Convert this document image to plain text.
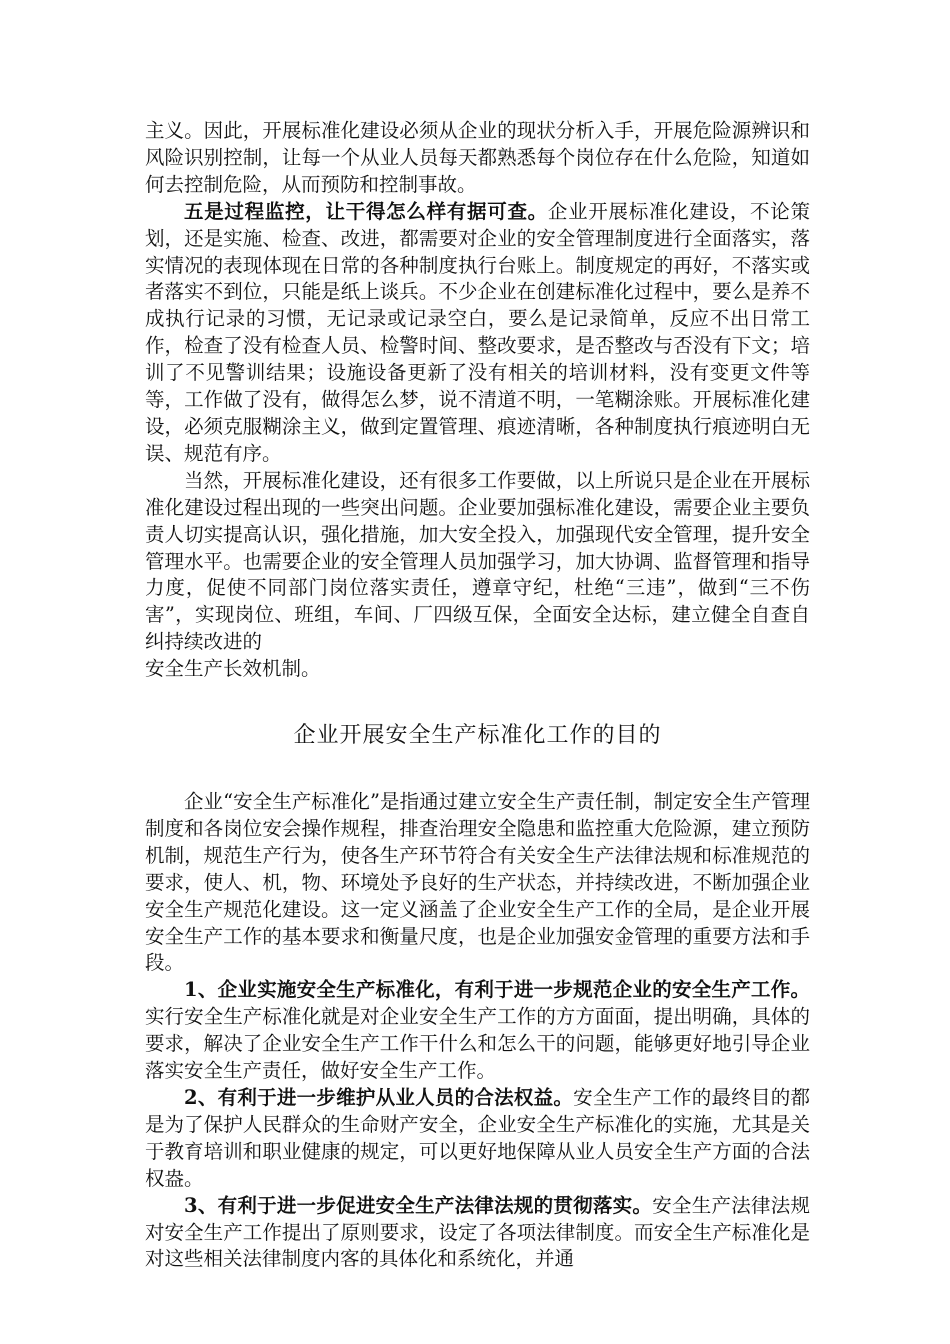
主义。因此，开展标准化建设必须从企业的现状分析入手，开展危险源辨识和风险识别控制，让每一个从业人员每天都熟悉每个岗位存在什么危险，知道如何去控制危险，从而预防和控制事故。

五是过程监控，让干得怎么样有据可查。企业开展标准化建设，不论策划，还是实施、检查、改进，都需要对企业的安全管理制度进行全面落实，落实情况的表现体现在日常的各种制度执行台账上。制度规定的再好，不落实或者落实不到位，只能是纸上谈兵。不少企业在创建标准化过程中，要么是养不成执行记录的习惯，无记录或记录空白，要么是记录简单，反应不出日常工作，检查了没有检查人员、检警时间、整改要求，是否整改与否没有下文；培训了不见警训结果；设施设备更新了没有相关的培训材料，没有变更文件等等，工作做了没有，做得怎么梦，说不清道不明，一笔糊涂账。开展标准化建设，必须克服糊涂主义，做到定置管理、痕迹清晰，各种制度执行痕迹明白无误、规范有序。

当然，开展标准化建设，还有很多工作要做，以上所说只是企业在开展标准化建设过程出现的一些突出问题。企业要加强标准化建设，需要企业主要负责人切实提高认识，强化措施，加大安全投入，加强现代安全管理，提升安全管理水平。也需要企业的安全管理人员加强学习，加大协调、监督管理和指导力度，促使不同部门岗位落实责任，遵章守纪，杜绝“三违”，做到“三不伤害”，实现岗位、班组，车间、厂四级互保，全面安全达标，建立健全自查自纠持续改进的
安全生产长效机制。

企业开展安全生产标准化工作的目的

企业“安全生产标准化”是指通过建立安全生产责任制，制定安全生产管理制度和各岗位安会操作规程，排查治理安全隐患和监控重大危险源，建立预防机制，规范生产行为，使各生产环节符合有关安全生产法律法规和标准规范的要求，使人、机，物、环境处予良好的生产状态，并持续改进，不断加强企业安全生产规范化建设。这一定义涵盖了企业安全生产工作的全局，是企业开展安全生产工作的基本要求和衡量尺度，也是企业加强安金管理的重要方法和手段。

1、企业实施安全生产标准化，有利于进一步规范企业的安全生产工作。实行安全生产标准化就是对企业安全生产工作的方方面面，提出明确，具体的要求，解决了企业安全生产工作干什么和怎么干的问题，能够更好地引导企业落实安全生产责任，做好安全生产工作。

2、有利于进一步维护从业人员的合法权益。安全生产工作的最终目的都是为了保护人民群众的生命财产安全，企业安全生产标准化的实施，尤其是关于教育培训和职业健康的规定，可以更好地保障从业人员安全生产方面的合法权盎。

3、有利于进一步促进安全生产法律法规的贯彻落实。安全生产法律法规对安全生产工作提出了原则要求，设定了各项法律制度。而安全生产标准化是对这些相关法律制度内客的具体化和系统化，并通
